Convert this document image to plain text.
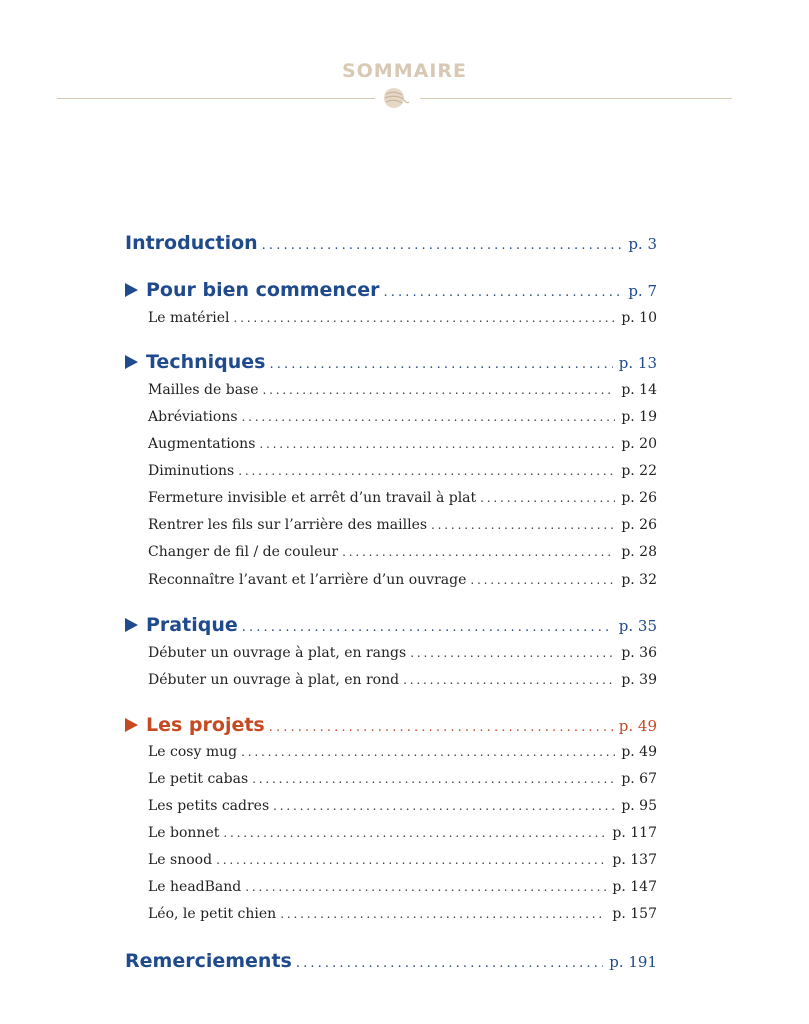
SOMMAIRE
Introduction . . .	p. 3
Pour bien commencer . . .	p. 7
Le matériel . . .	p. 10
Techniques . . .	p. 13
Mailles de base . . .	p. 14
Abréviations . . .	p. 19
Augmentations . . .	p. 20
Diminutions . . .	p. 22
Fermeture invisible et arrêt d’un travail à plat . . .	p. 26
Rentrer les fils sur l’arrière des mailles . . .	p. 26
Changer de fil / de couleur . . .	p. 28
Reconnaître l’avant et l’arrière d’un ouvrage . . .	p. 32
Pratique . . .	p. 35
Débuter un ouvrage à plat, en rangs . . .	p. 36
Débuter un ouvrage à plat, en rond . . .	p. 39
Les projets . . .	p. 49
Le cosy mug . . .	p. 49
Le petit cabas . . .	p. 67
Les petits cadres . . .	p. 95
Le bonnet . . .	p. 117
Le snood . . .	p. 137
Le headBand . . .	p. 147
Léo, le petit chien . . .	p. 157
Remerciements . . .	p. 191
